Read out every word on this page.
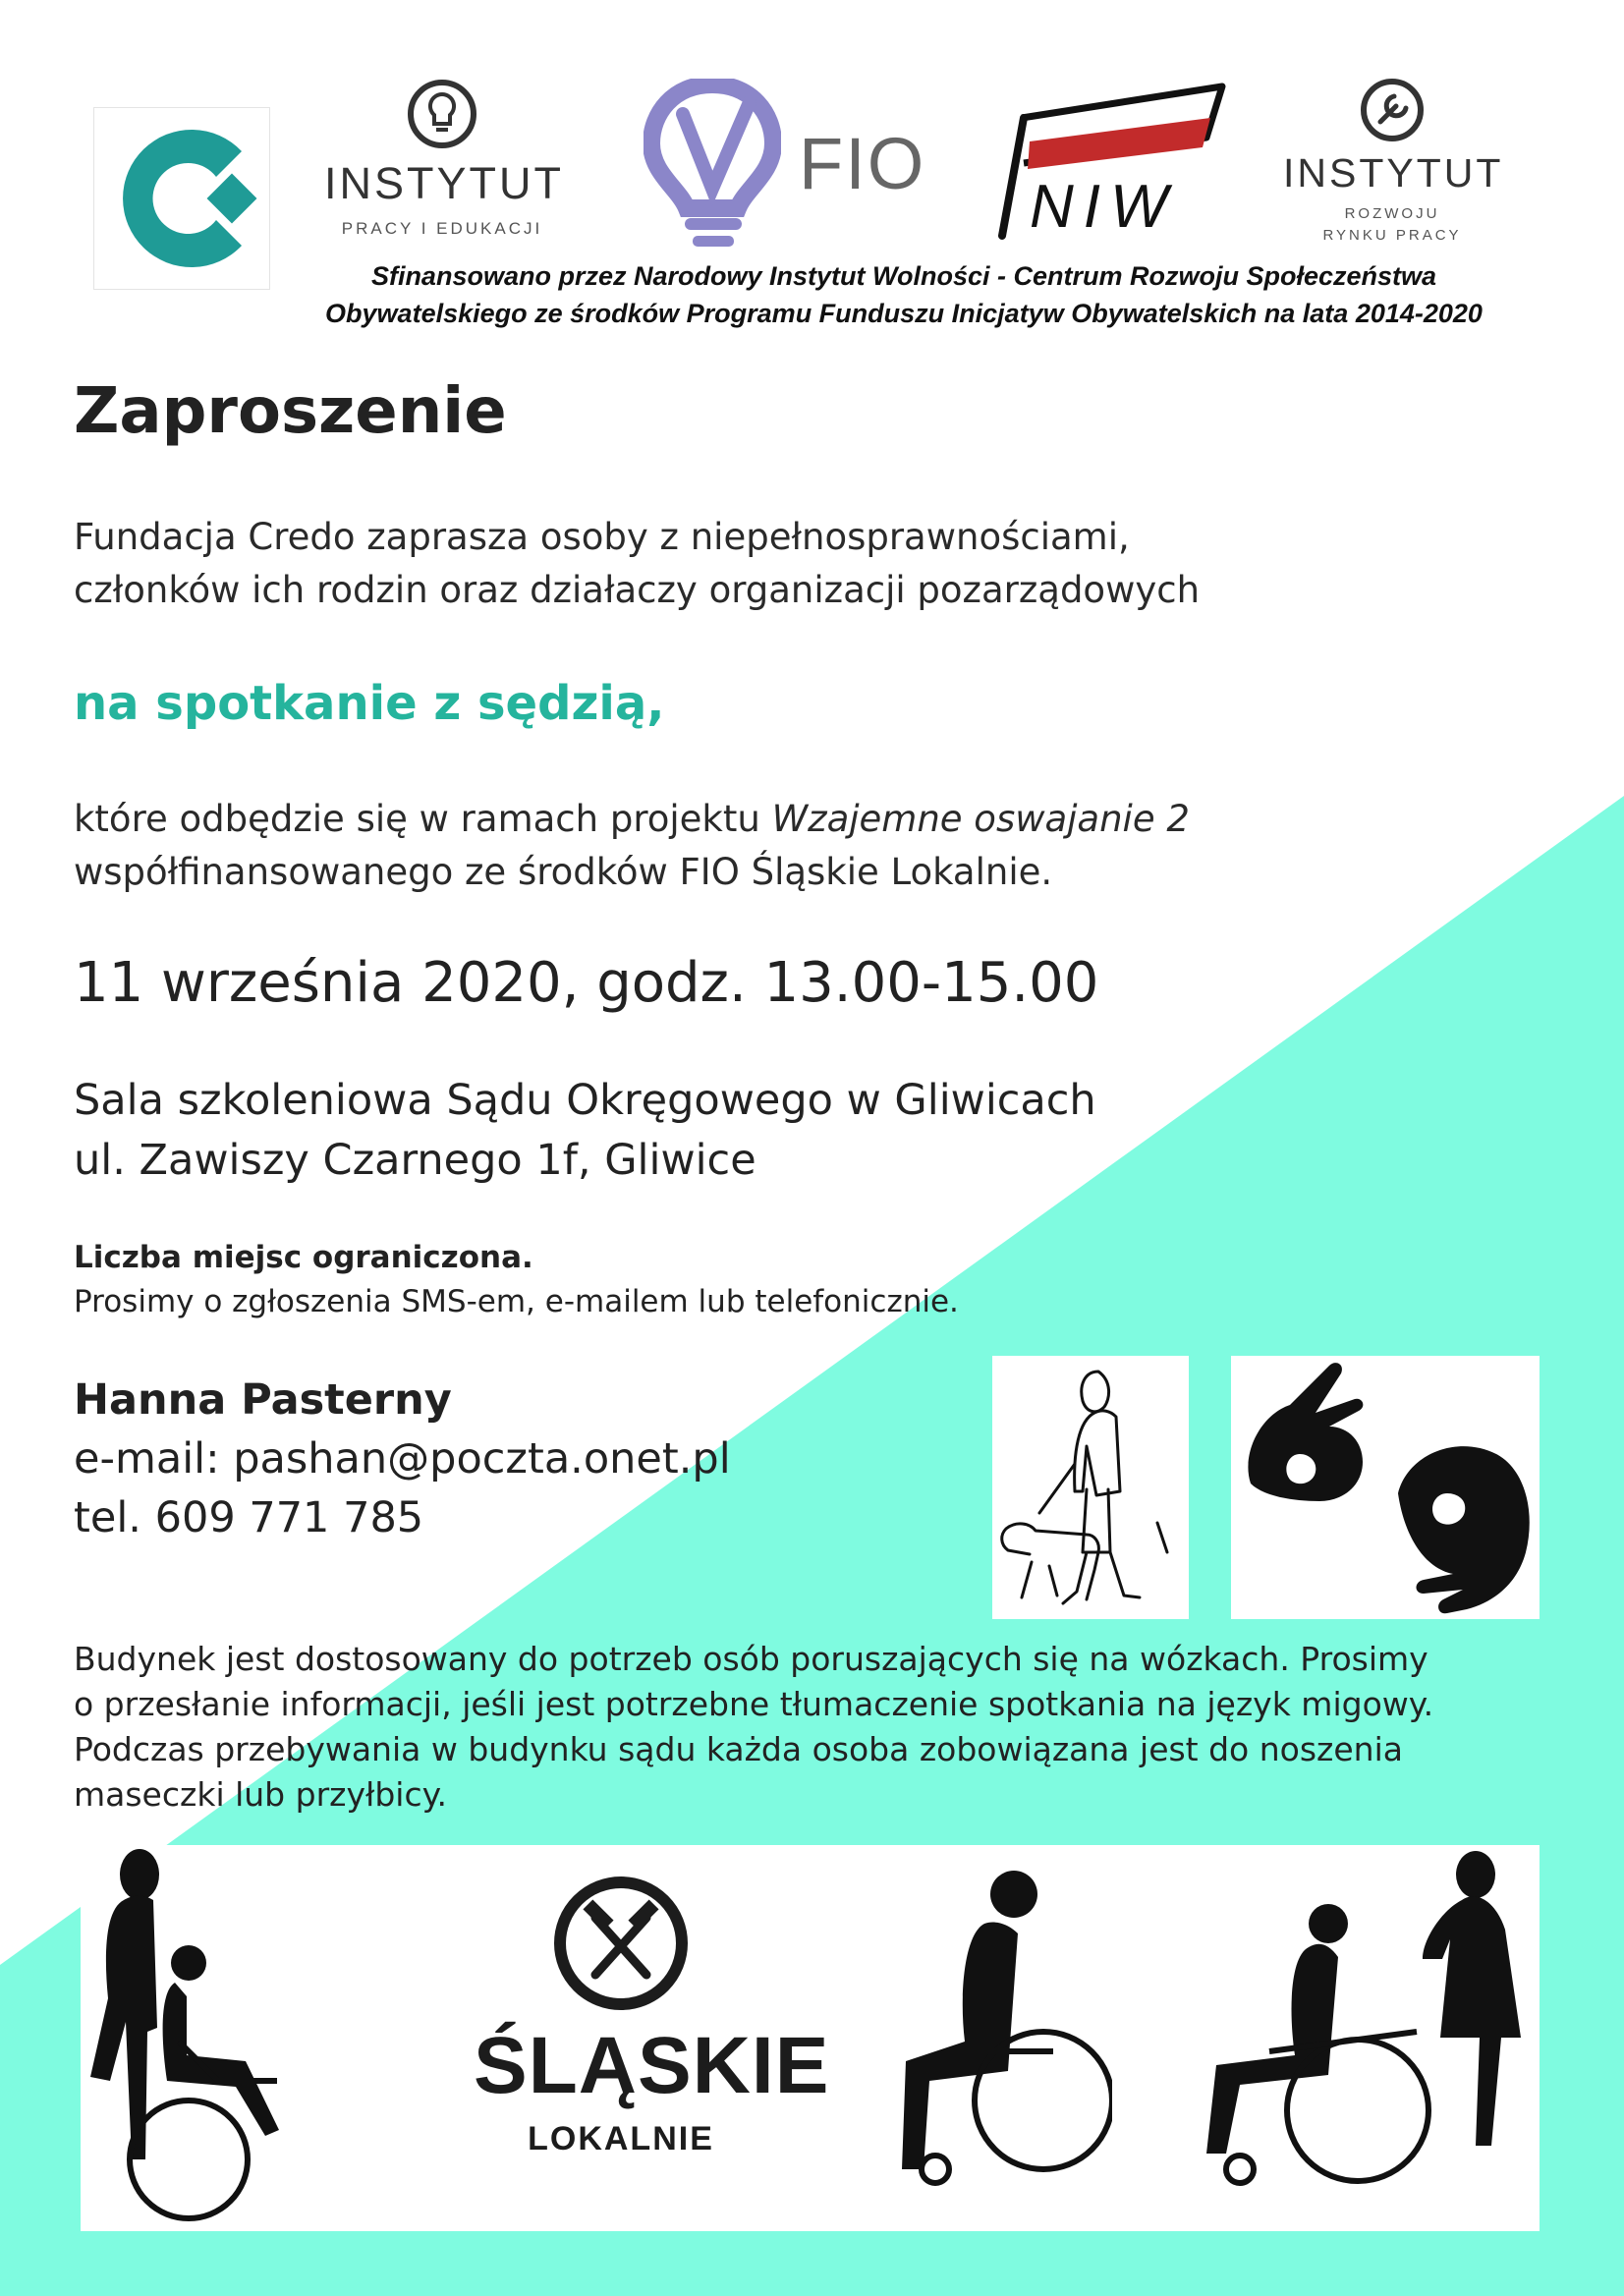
INSTYTUT
PRACY I EDUKACJI
FIO
NIW	INSTYTUT
ROZWOJU
RYNKU PRACY
Sfinansowano przez Narodowy Instytut Wolności - Centrum Rozwoju Społeczeństwa
Obywatelskiego ze środków Programu Funduszu Inicjatyw Obywatelskich na lata 2014-2020
Zaproszenie

Fundacja Credo zaprasza osoby z niepełnosprawnościami,
członków ich rodzin oraz działaczy organizacji pozarządowych

na spotkanie z sędzią,

które odbędzie się w ramach projektu Wzajemne oswajanie 2
współfinansowanego ze środków FIO Śląskie Lokalnie.

11 września 2020, godz. 13.00-15.00

Sala szkoleniowa Sądu Okręgowego w Gliwicach
ul. Zawiszy Czarnego 1f, Gliwice

Liczba miejsc ograniczona.
Prosimy o zgłoszenia SMS-em, e-mailem lub telefonicznie.

Hanna Pasterny
e-mail: pashan@poczta.onet.pl
tel. 609 771 785

Budynek jest dostosowany do potrzeb osób poruszających się na wózkach. Prosimy
o przesłanie informacji, jeśli jest potrzebne tłumaczenie spotkania na język migowy.
Podczas przebywania w budynku sądu każda osoba zobowiązana jest do noszenia
maseczki lub przyłbicy.

ŚLĄSKIE
LOKALNIE
